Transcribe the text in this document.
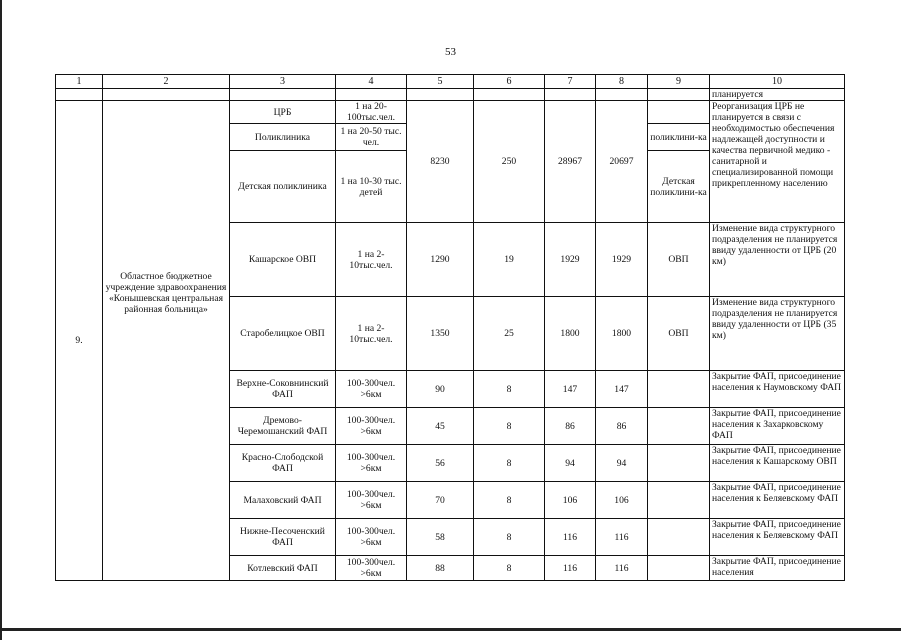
53
1	2	3	4	5	6	7	8	9	10
									планируется
9.	Областное бюджетное учреждение здравоохранения «Конышевская центральная районная больница»	ЦРБ	1 на 20-100тыс.чел.	8230	250	28967	20697		Реорганизация ЦРБ не планируется в связи с необходимостью обеспечения надлежащей доступности и качества первичной медико - санитарной и специализированной помощи прикрепленному населению
		Поликлиника	1 на 20-50 тыс. чел.					поликлини-ка	
		Детская поликлиника	1 на 10-30 тыс. детей					Детская поликлини-ка	
		Кашарское ОВП	1 на 2-10тыс.чел.	1290	19	1929	1929	ОВП	Изменение вида структурного подразделения не планируется ввиду удаленности от ЦРБ (20 км)
		Старобелицкое ОВП	1 на 2-10тыс.чел.	1350	25	1800	1800	ОВП	Изменение вида структурного подразделения не планируется ввиду удаленности от ЦРБ (35 км)
		Верхне-Соковнинский ФАП	100-300чел. >6км	90	8	147	147		Закрытие ФАП, присоединение населения к Наумовскому ФАП
		Дремово-Черемошанский ФАП	100-300чел. >6км	45	8	86	86		Закрытие ФАП, присоединение населения к Захарковскому ФАП
		Красно-Слободской ФАП	100-300чел. >6км	56	8	94	94		Закрытие ФАП, присоединение населения к Кашарскому ОВП
		Малаховский ФАП	100-300чел. >6км	70	8	106	106		Закрытие ФАП, присоединение населения к Беляевскому ФАП
		Нижне-Песоченский ФАП	100-300чел. >6км	58	8	116	116		Закрытие ФАП, присоединение населения к Беляевскому ФАП
		Котлевский ФАП	100-300чел. >6км	88	8	116	116		Закрытие ФАП, присоединение населения
